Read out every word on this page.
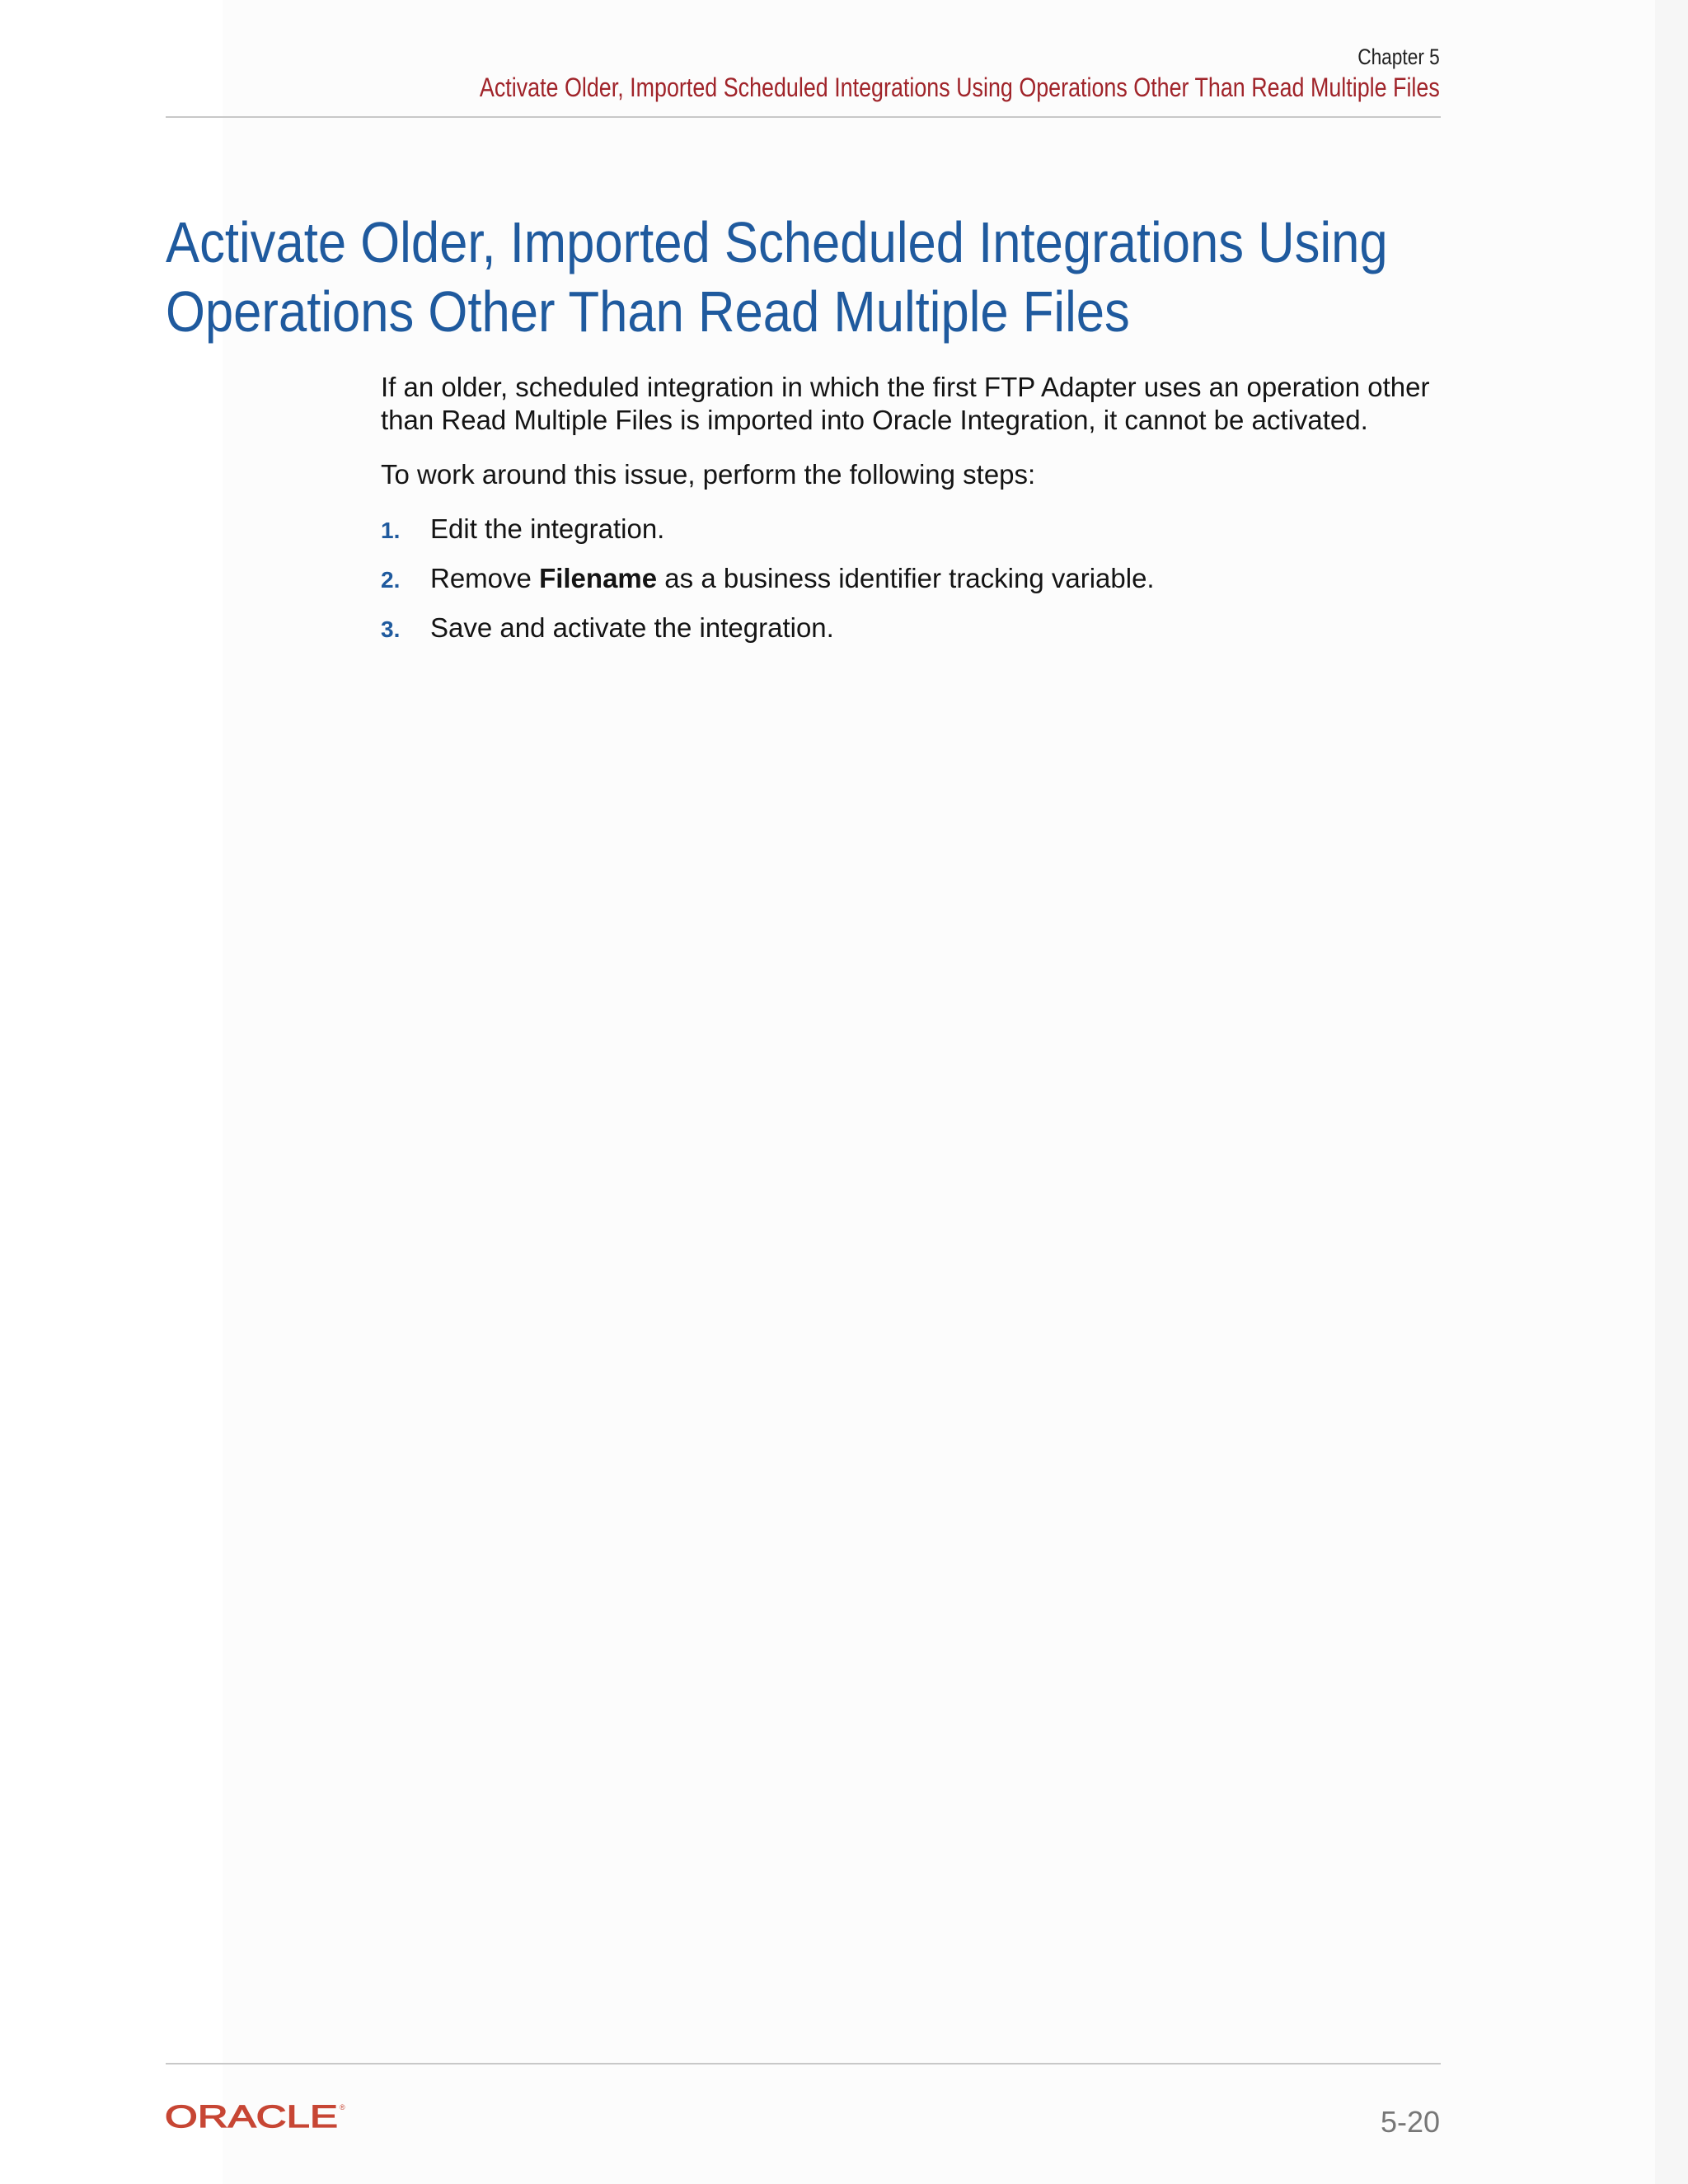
Chapter 5
Activate Older, Imported Scheduled Integrations Using Operations Other Than Read Multiple Files
Activate Older, Imported Scheduled Integrations Using Operations Other Than Read Multiple Files

If an older, scheduled integration in which the first FTP Adapter uses an operation other than Read Multiple Files is imported into Oracle Integration, it cannot be activated.

To work around this issue, perform the following steps:

1. Edit the integration.
2. Remove Filename as a business identifier tracking variable.
3. Save and activate the integration.
ORACLE ®	5-20
